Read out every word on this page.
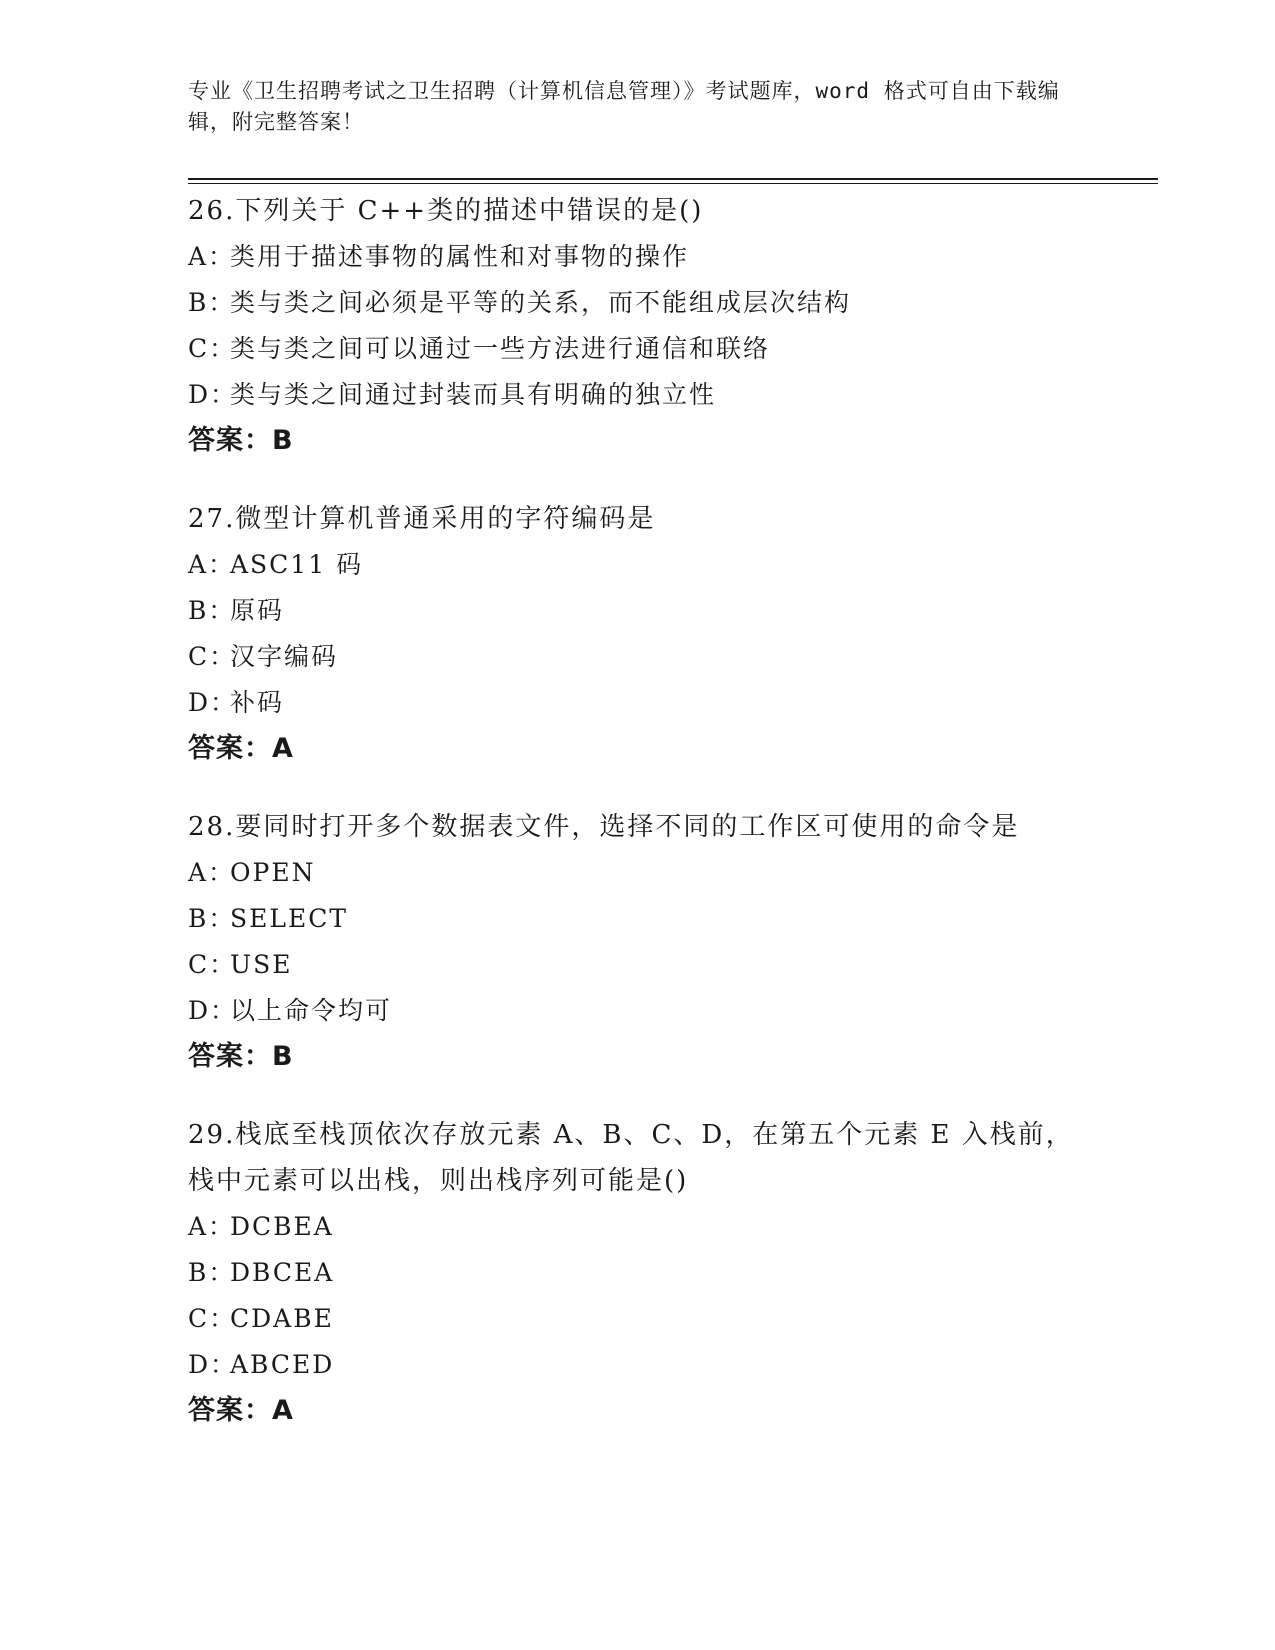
专业《卫生招聘考试之卫生招聘（计算机信息管理）》考试题库，word 格式可自由下载编辑，附完整答案！
26.下列关于 C++类的描述中错误的是()
A：
类用于描述事物的属性和对事物的操作
B：
类与类之间必须是平等的关系，而不能组成层次结构
C：
类与类之间可以通过一些方法进行通信和联络
D：
类与类之间通过封装而具有明确的独立性
答案：B
27.微型计算机普通采用的字符编码是
A：
ASC11 码
B：
原码
C：
汉字编码
D：
补码
答案：A
28.要同时打开多个数据表文件，选择不同的工作区可使用的命令是
A：
OPEN
B：
SELECT
C：
USE
D：
以上命令均可
答案：B
29.栈底至栈顶依次存放元素 A、B、C、D，在第五个元素 E 入栈前，栈中元素可以出栈，则出栈序列可能是()
A：
DCBEA
B：
DBCEA
C：
CDABE
D：
ABCED
答案：A
